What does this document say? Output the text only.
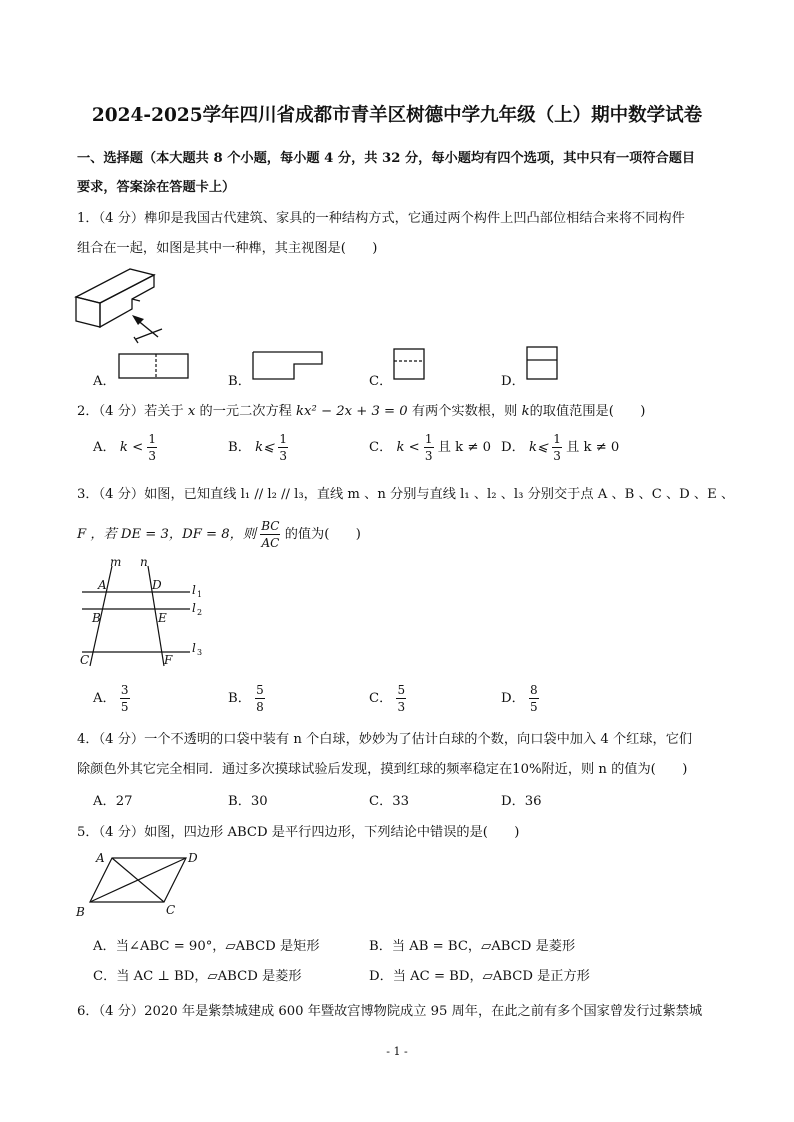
2024-2025学年四川省成都市青羊区树德中学九年级（上）期中数学试卷
一、选择题（本大题共 8 个小题，每小题 4 分，共 32 分，每小题均有四个选项，其中只有一项符合题目
要求，答案涂在答题卡上）
1．（4 分）榫卯是我国古代建筑、家具的一种结构方式，它通过两个构件上凹凸部位相结合来将不同构件
组合在一起，如图是其中一种榫，其主视图是(　　)
A．	B．	C．	D．
2．（4 分）若关于 x 的一元二次方程 kx² − 2x + 3 = 0 有两个实数根，则 k的取值范围是(　　)
A． $k < \frac{1}{3}$	B． k⩽ $\frac{1}{3}$	C． $k < \frac{1}{3}$ 且 k ≠ 0 D． k⩽ $\frac{1}{3}$ 且 k ≠ 0
3．（4 分）如图，已知直线 l₁ // l₂ // l₃，直线 m 、n 分别与直线 l₁ 、l₂ 、l₃ 分别交于点 A 、B 、C 、D 、E 、
F ，若 DE = 3，DF = 8，则 $\frac{BC}{AC}$ 的值为(　　)
m n
A	D
B	E
C	F
l 1
l 2
l 3
A． $\frac{3}{5}$	B． $\frac{5}{8}$	C． $\frac{5}{3}$	D． $\frac{8}{5}$
4．（4 分）一个不透明的口袋中装有 n 个白球，妙妙为了估计白球的个数，向口袋中加入 4 个红球，它们
除颜色外其它完全相同．通过多次摸球试验后发现，摸到红球的频率稳定在10%附近，则 n 的值为(　　)
A．27	B．30	C．33	D．36
5．（4 分）如图，四边形 ABCD 是平行四边形，下列结论中错误的是(　　)
A	D
B	C
A．当∠ABC = 90°，▱ABCD 是矩形	B．当 AB = BC，▱ABCD 是菱形
C．当 AC ⊥ BD，▱ABCD 是菱形	D．当 AC = BD，▱ABCD 是正方形
6．（4 分）2020 年是紫禁城建成 600 年暨故宫博物院成立 95 周年，在此之前有多个国家曾发行过紫禁城
- 1 -
